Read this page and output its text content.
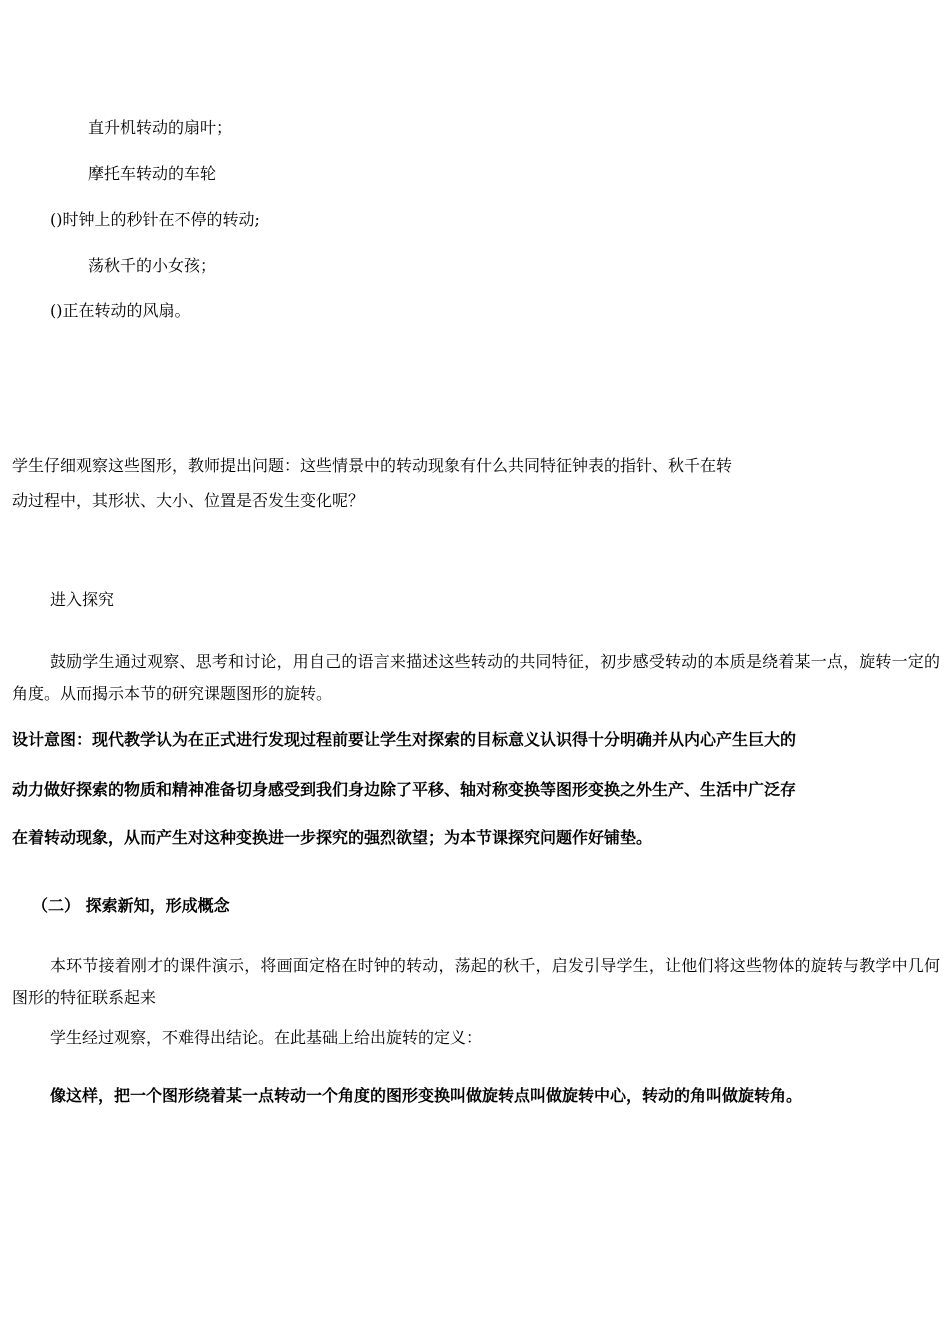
直升机转动的扇叶；
摩托车转动的车轮
()时钟上的秒针在不停的转动;
荡秋千的小女孩；
()正在转动的风扇。
学生仔细观察这些图形，教师提出问题：这些情景中的转动现象有什么共同特征钟表的指针、秋千在转
动过程中，其形状、大小、位置是否发生变化呢？
进入探究
鼓励学生通过观察、思考和讨论，用自己的语言来描述这些转动的共同特征，初步感受转动的本质是绕着某一点，旋转一定的角度。从而揭示本节的研究课题图形的旋转。
设计意图：现代教学认为在正式进行发现过程前要让学生对探索的目标意义认识得十分明确并从内心产生巨大的
动力做好探索的物质和精神准备切身感受到我们身边除了平移、轴对称变换等图形变换之外生产、生活中广泛存
在着转动现象，从而产生对这种变换进一步探究的强烈欲望；为本节课探究问题作好铺垫。
（二） 探索新知，形成概念
本环节接着刚才的课件演示，将画面定格在时钟的转动，荡起的秋千，启发引导学生，让他们将这些物体的旋转与教学中几何图形的特征联系起来
学生经过观察，不难得出结论。在此基础上给出旋转的定义：
像这样，把一个图形绕着某一点转动一个角度的图形变换叫做旋转点叫做旋转中心，转动的角叫做旋转角。
